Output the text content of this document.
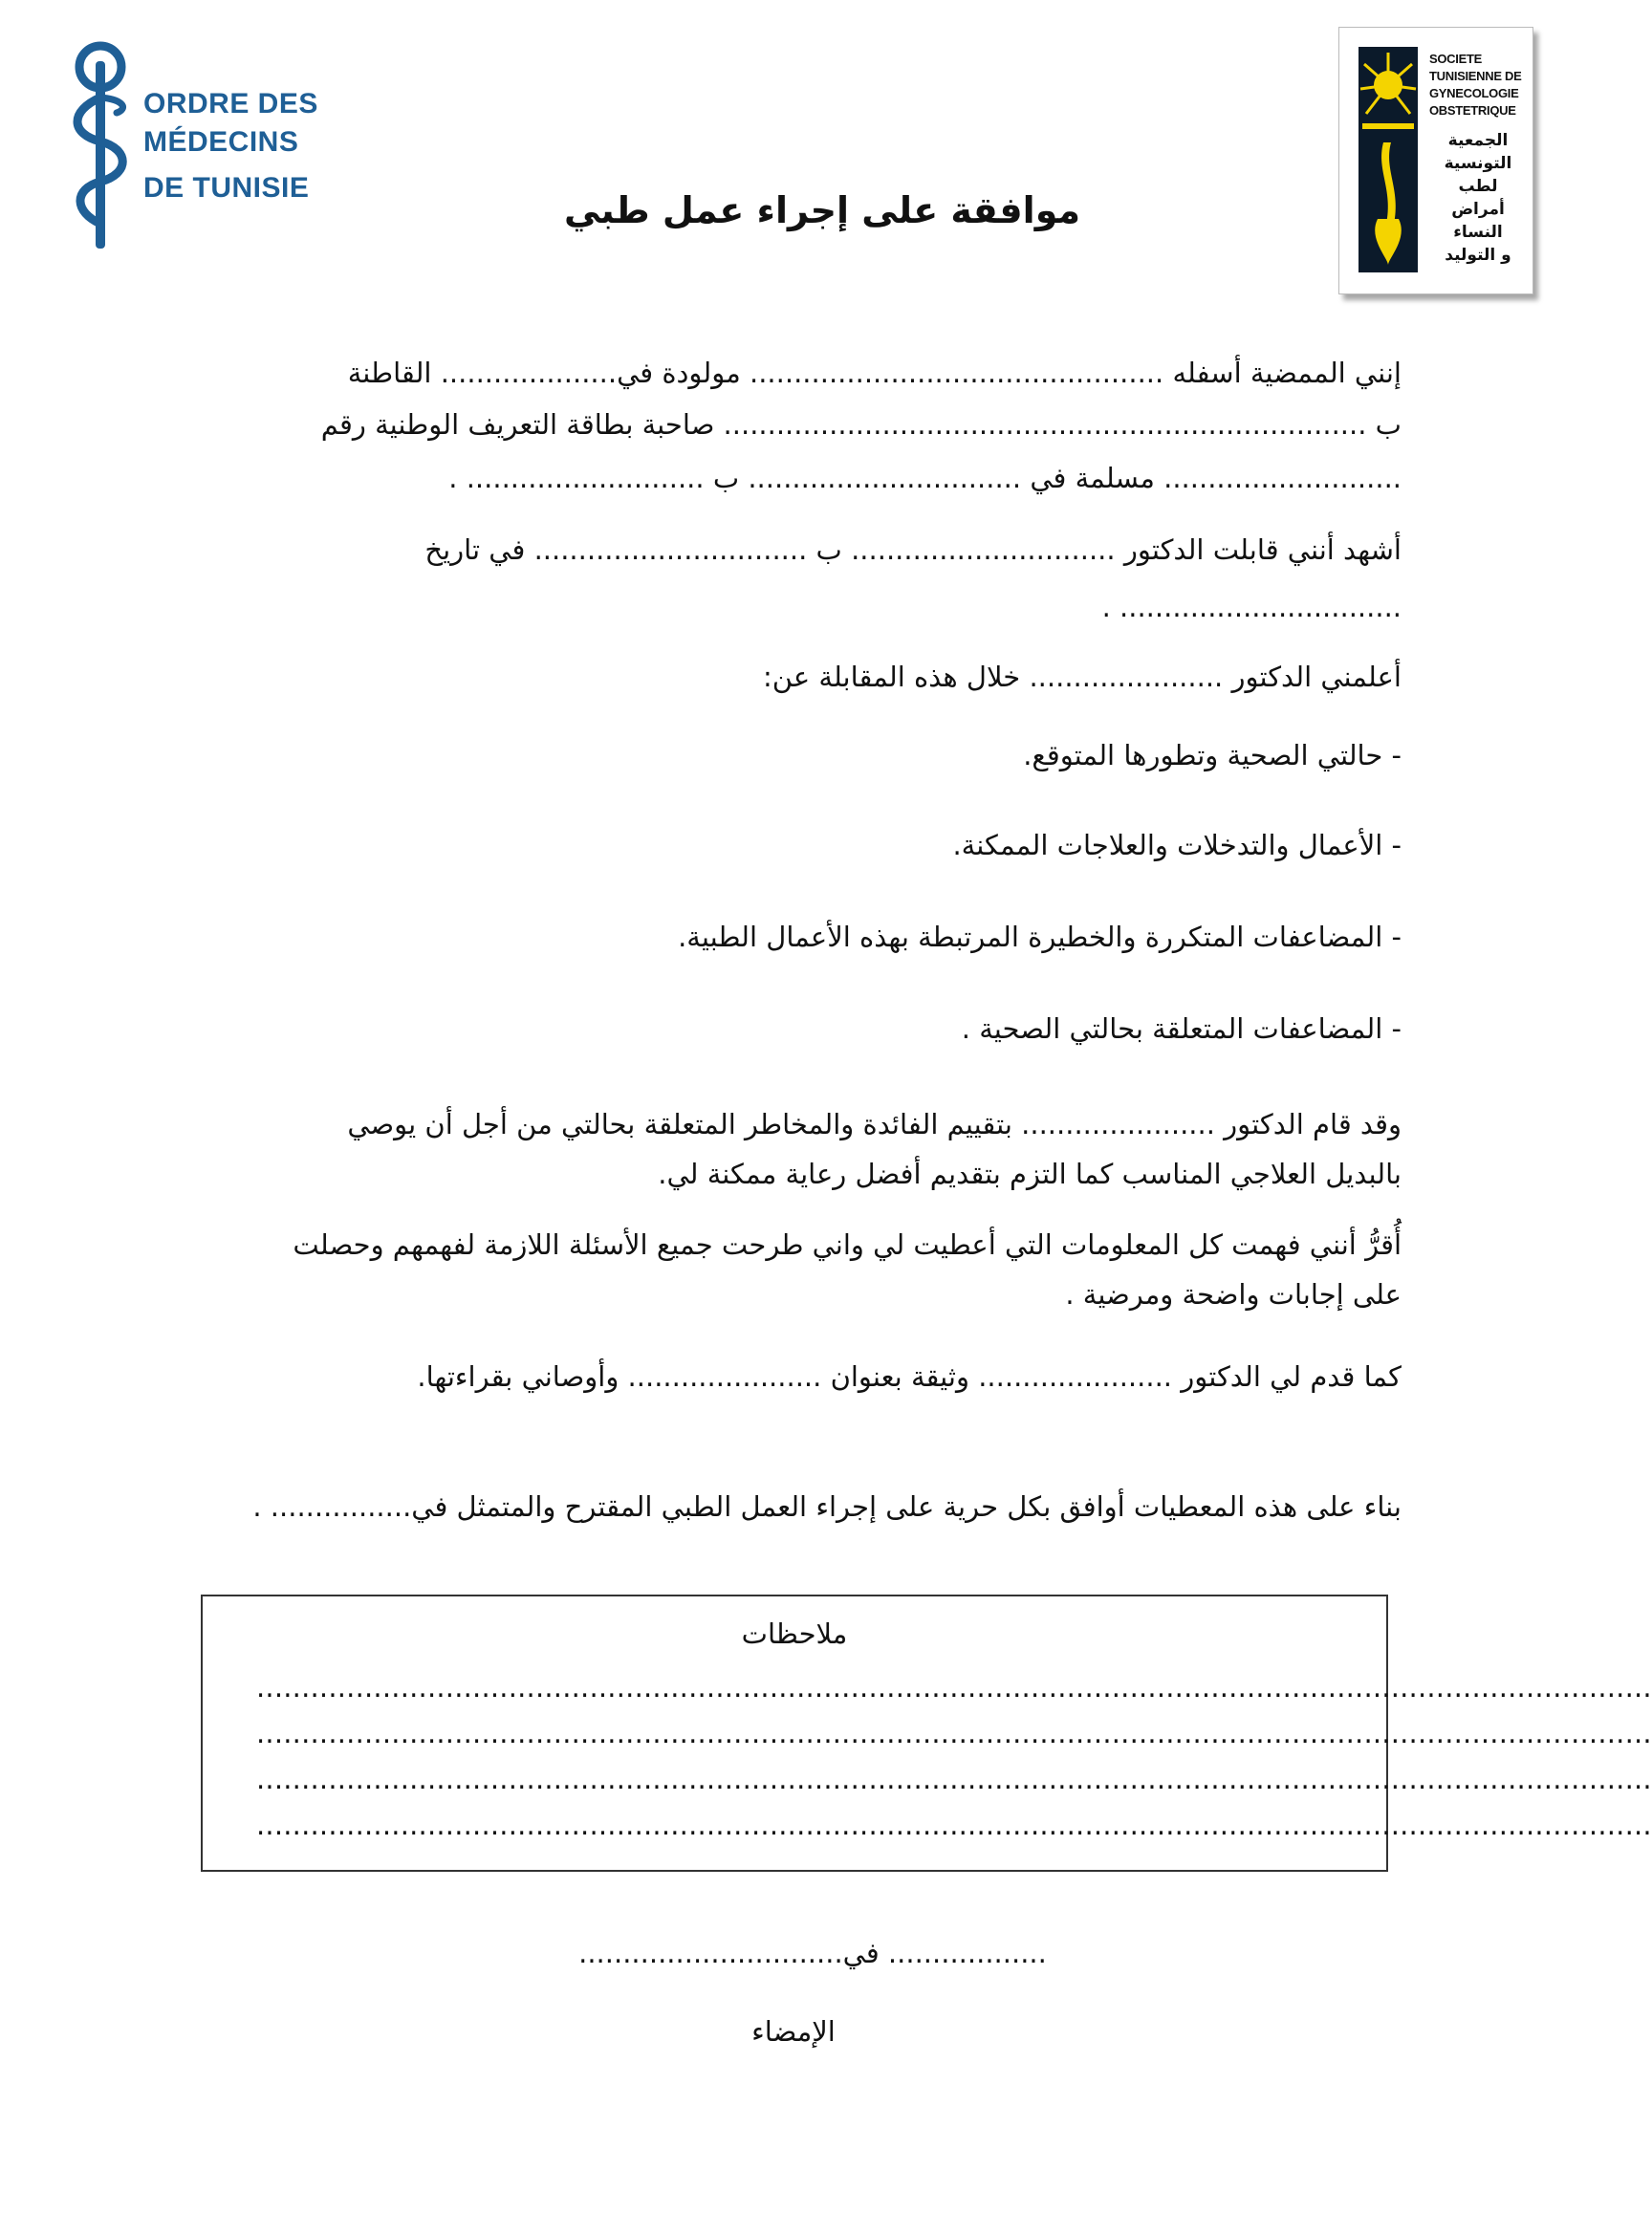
ORDRE DES
MÉDECINS
DE TUNISIE
SOCIETE
TUNISIENNE DE
GYNECOLOGIE
OBSTETRIQUE
الجمعية
التونسية
لطب
أمراض
النساء
و التوليد
موافقة على إجراء عمل طبي
إنني الممضية أسفله ............................................... مولودة في.................... القاطنة
ب ......................................................................... صاحبة بطاقة التعريف الوطنية رقم
........................... مسلمة في ............................... ب ........................... .
أشهد أنني قابلت الدكتور .............................. ب ............................... في تاريخ
................................ .
أعلمني الدكتور ...................... خلال هذه المقابلة عن:
- حالتي الصحية وتطورها المتوقع.
- الأعمال والتدخلات والعلاجات الممكنة.
- المضاعفات المتكررة والخطيرة المرتبطة بهذه الأعمال الطبية.
- المضاعفات المتعلقة بحالتي الصحية .
وقد قام الدكتور ...................... بتقييم الفائدة والمخاطر المتعلقة بحالتي من أجل أن يوصي
بالبديل العلاجي المناسب كما التزم بتقديم أفضل رعاية ممكنة لي.
أُقرُّ أنني فهمت كل المعلومات التي أعطيت لي واني طرحت جميع الأسئلة اللازمة لفهمهم وحصلت
على إجابات واضحة ومرضية .
كما قدم لي الدكتور ...................... وثيقة بعنوان ...................... وأوصاني بقراءتها.
بناء على هذه المعطيات أوافق بكل حرية على إجراء العمل الطبي المقترح والمتمثل في................ .
ملاحظات
...........................................................................................................................................................
...........................................................................................................................................................
...........................................................................................................................................................
...........................................................................................................................................................
.................. في..............................
الإمضاء
